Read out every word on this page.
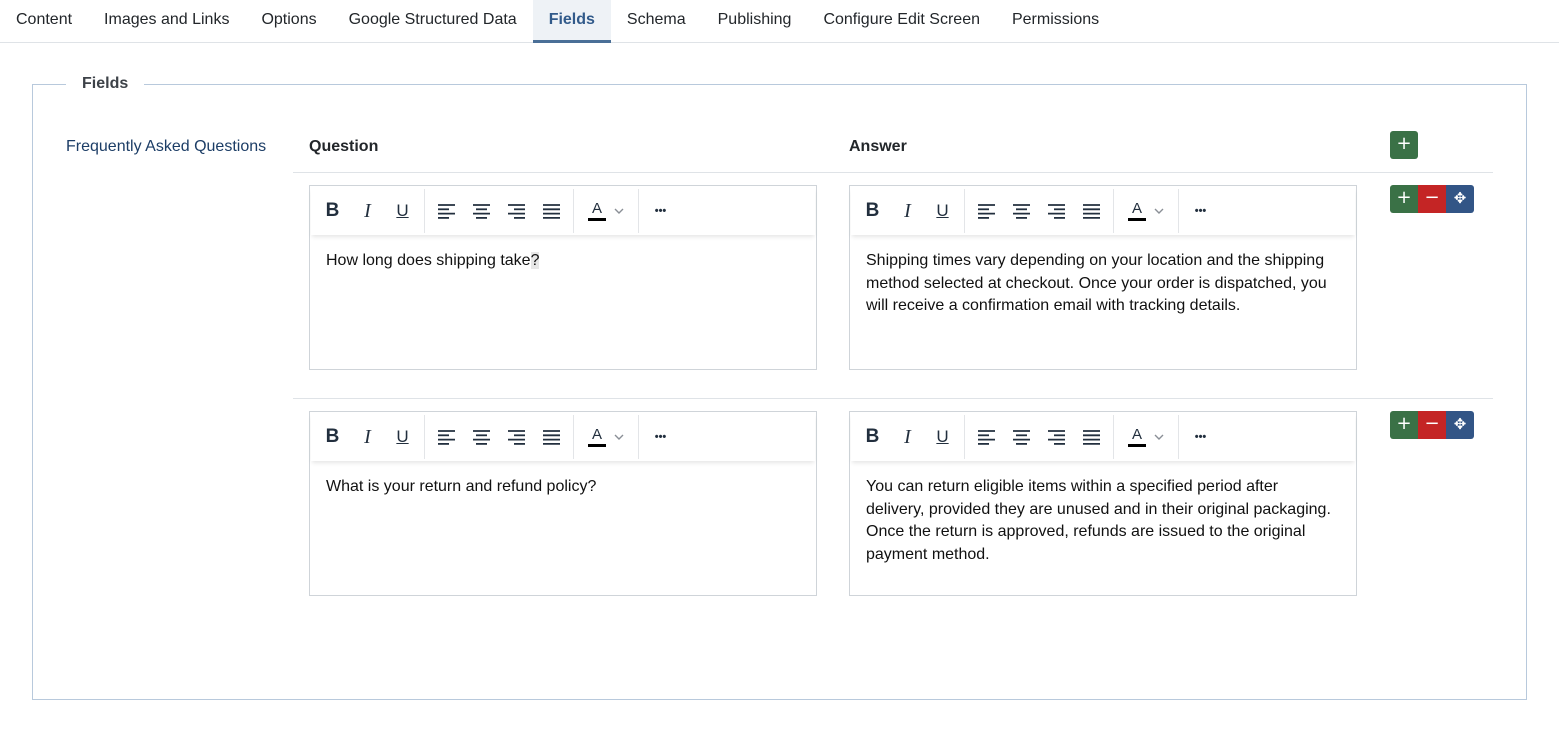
Content	Images and Links	Options	Google Structured Data	Fields	Schema	Publishing	Configure Edit Screen	Permissions
Fields
Frequently Asked Questions	Question	Answer	+
B	I	U	A	•••
How long does shipping take?
B	I	U	A	•••
Shipping times vary depending on your location and the shipping method selected at checkout. Once your order is dispatched, you will receive a confirmation email with tracking details.
+ − ✥
B	I	U	A	•••
What is your return and refund policy?
B	I	U	A	•••
You can return eligible items within a specified period after delivery, provided they are unused and in their original packaging. Once the return is approved, refunds are issued to the original payment method.
+ − ✥
